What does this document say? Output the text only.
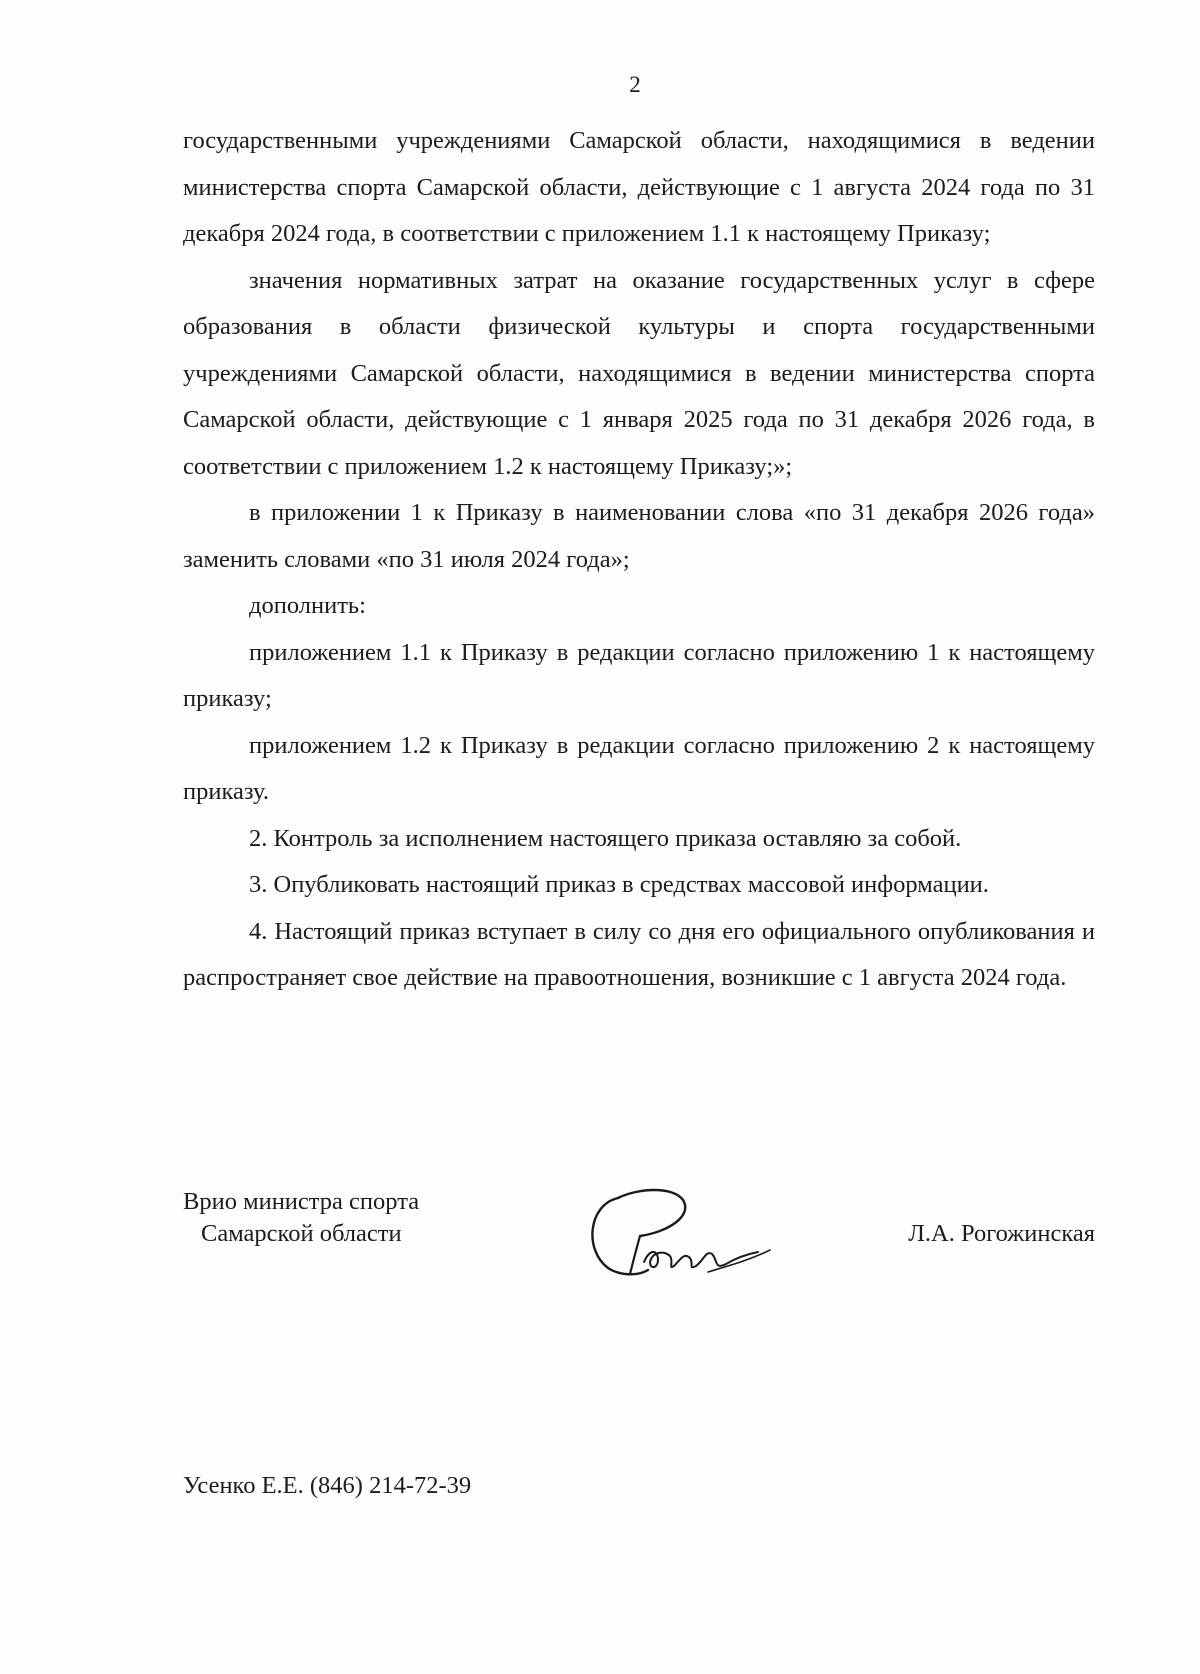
2

государственными учреждениями Самарской области, находящимися в ведении министерства спорта Самарской области, действующие с 1 августа 2024 года по 31 декабря 2024 года, в соответствии с приложением 1.1 к настоящему Приказу;

значения нормативных затрат на оказание государственных услуг в сфере образования в области физической культуры и спорта государственными учреждениями Самарской области, находящимися в ведении министерства спорта Самарской области, действующие с 1 января 2025 года по 31 декабря 2026 года, в соответствии с приложением 1.2 к настоящему Приказу;»;

в приложении 1 к Приказу в наименовании слова «по 31 декабря 2026 года» заменить словами «по 31 июля 2024 года»;

дополнить:

приложением 1.1 к Приказу в редакции согласно приложению 1 к настоящему приказу;

приложением 1.2 к Приказу в редакции согласно приложению 2 к настоящему приказу.

2. Контроль за исполнением настоящего приказа оставляю за собой.

3. Опубликовать настоящий приказ в средствах массовой информации.

4. Настоящий приказ вступает в силу со дня его официального опубликования и распространяет свое действие на правоотношения, возникшие с 1 августа 2024 года.

Врио министра спорта
Самарской области	Л.А. Рогожинская
Усенко Е.Е. (846) 214-72-39
